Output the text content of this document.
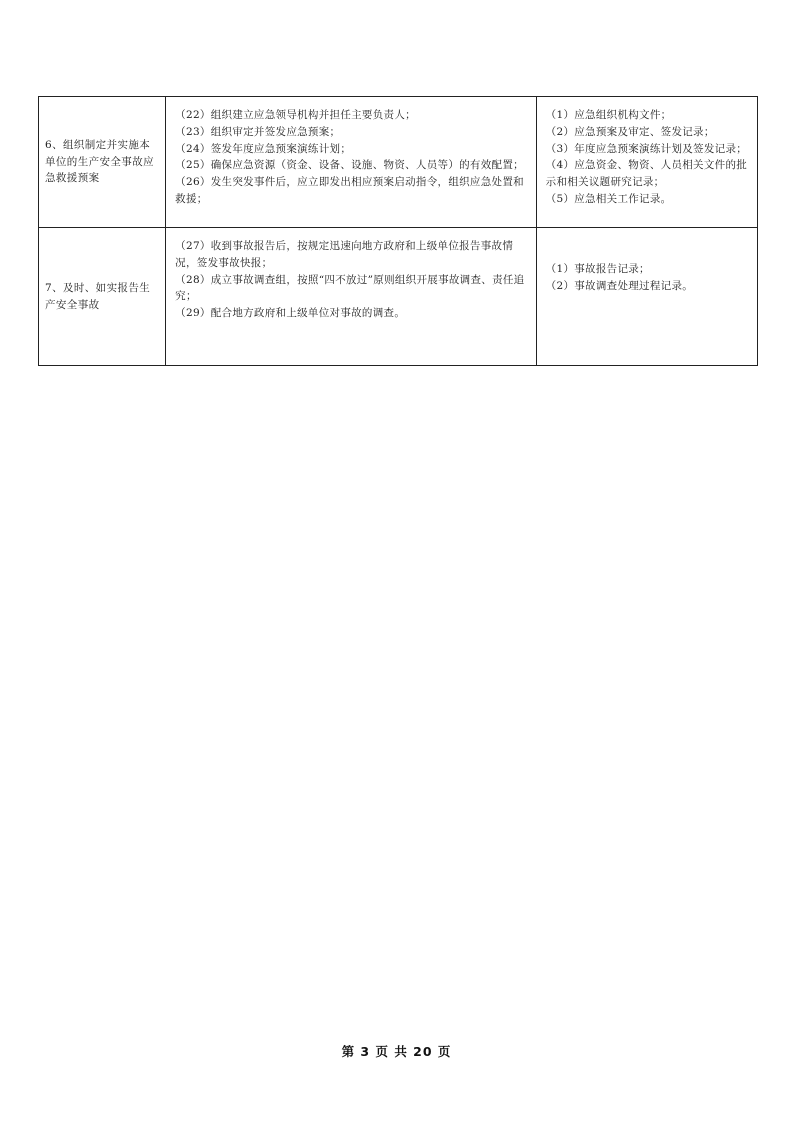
6、组织制定并实施本单位的生产安全事故应急救援预案	（22）组织建立应急领导机构并担任主要负责人；
（23）组织审定并签发应急预案；
（24）签发年度应急预案演练计划；
（25）确保应急资源（资金、设备、设施、物资、人员等）的有效配置；
（26）发生突发事件后，应立即发出相应预案启动指令，组织应急处置和救援；	（1）应急组织机构文件；
（2）应急预案及审定、签发记录；
（3）年度应急预案演练计划及签发记录；
（4）应急资金、物资、人员相关文件的批示和相关议题研究记录；
（5）应急相关工作记录。

7、及时、如实报告生产安全事故	（27）收到事故报告后，按规定迅速向地方政府和上级单位报告事故情况，签发事故快报；
（28）成立事故调查组，按照“四不放过”原则组织开展事故调查、责任追究；
（29）配合地方政府和上级单位对事故的调查。	（1）事故报告记录；
（2）事故调查处理过程记录。
第 3 页 共 20 页
